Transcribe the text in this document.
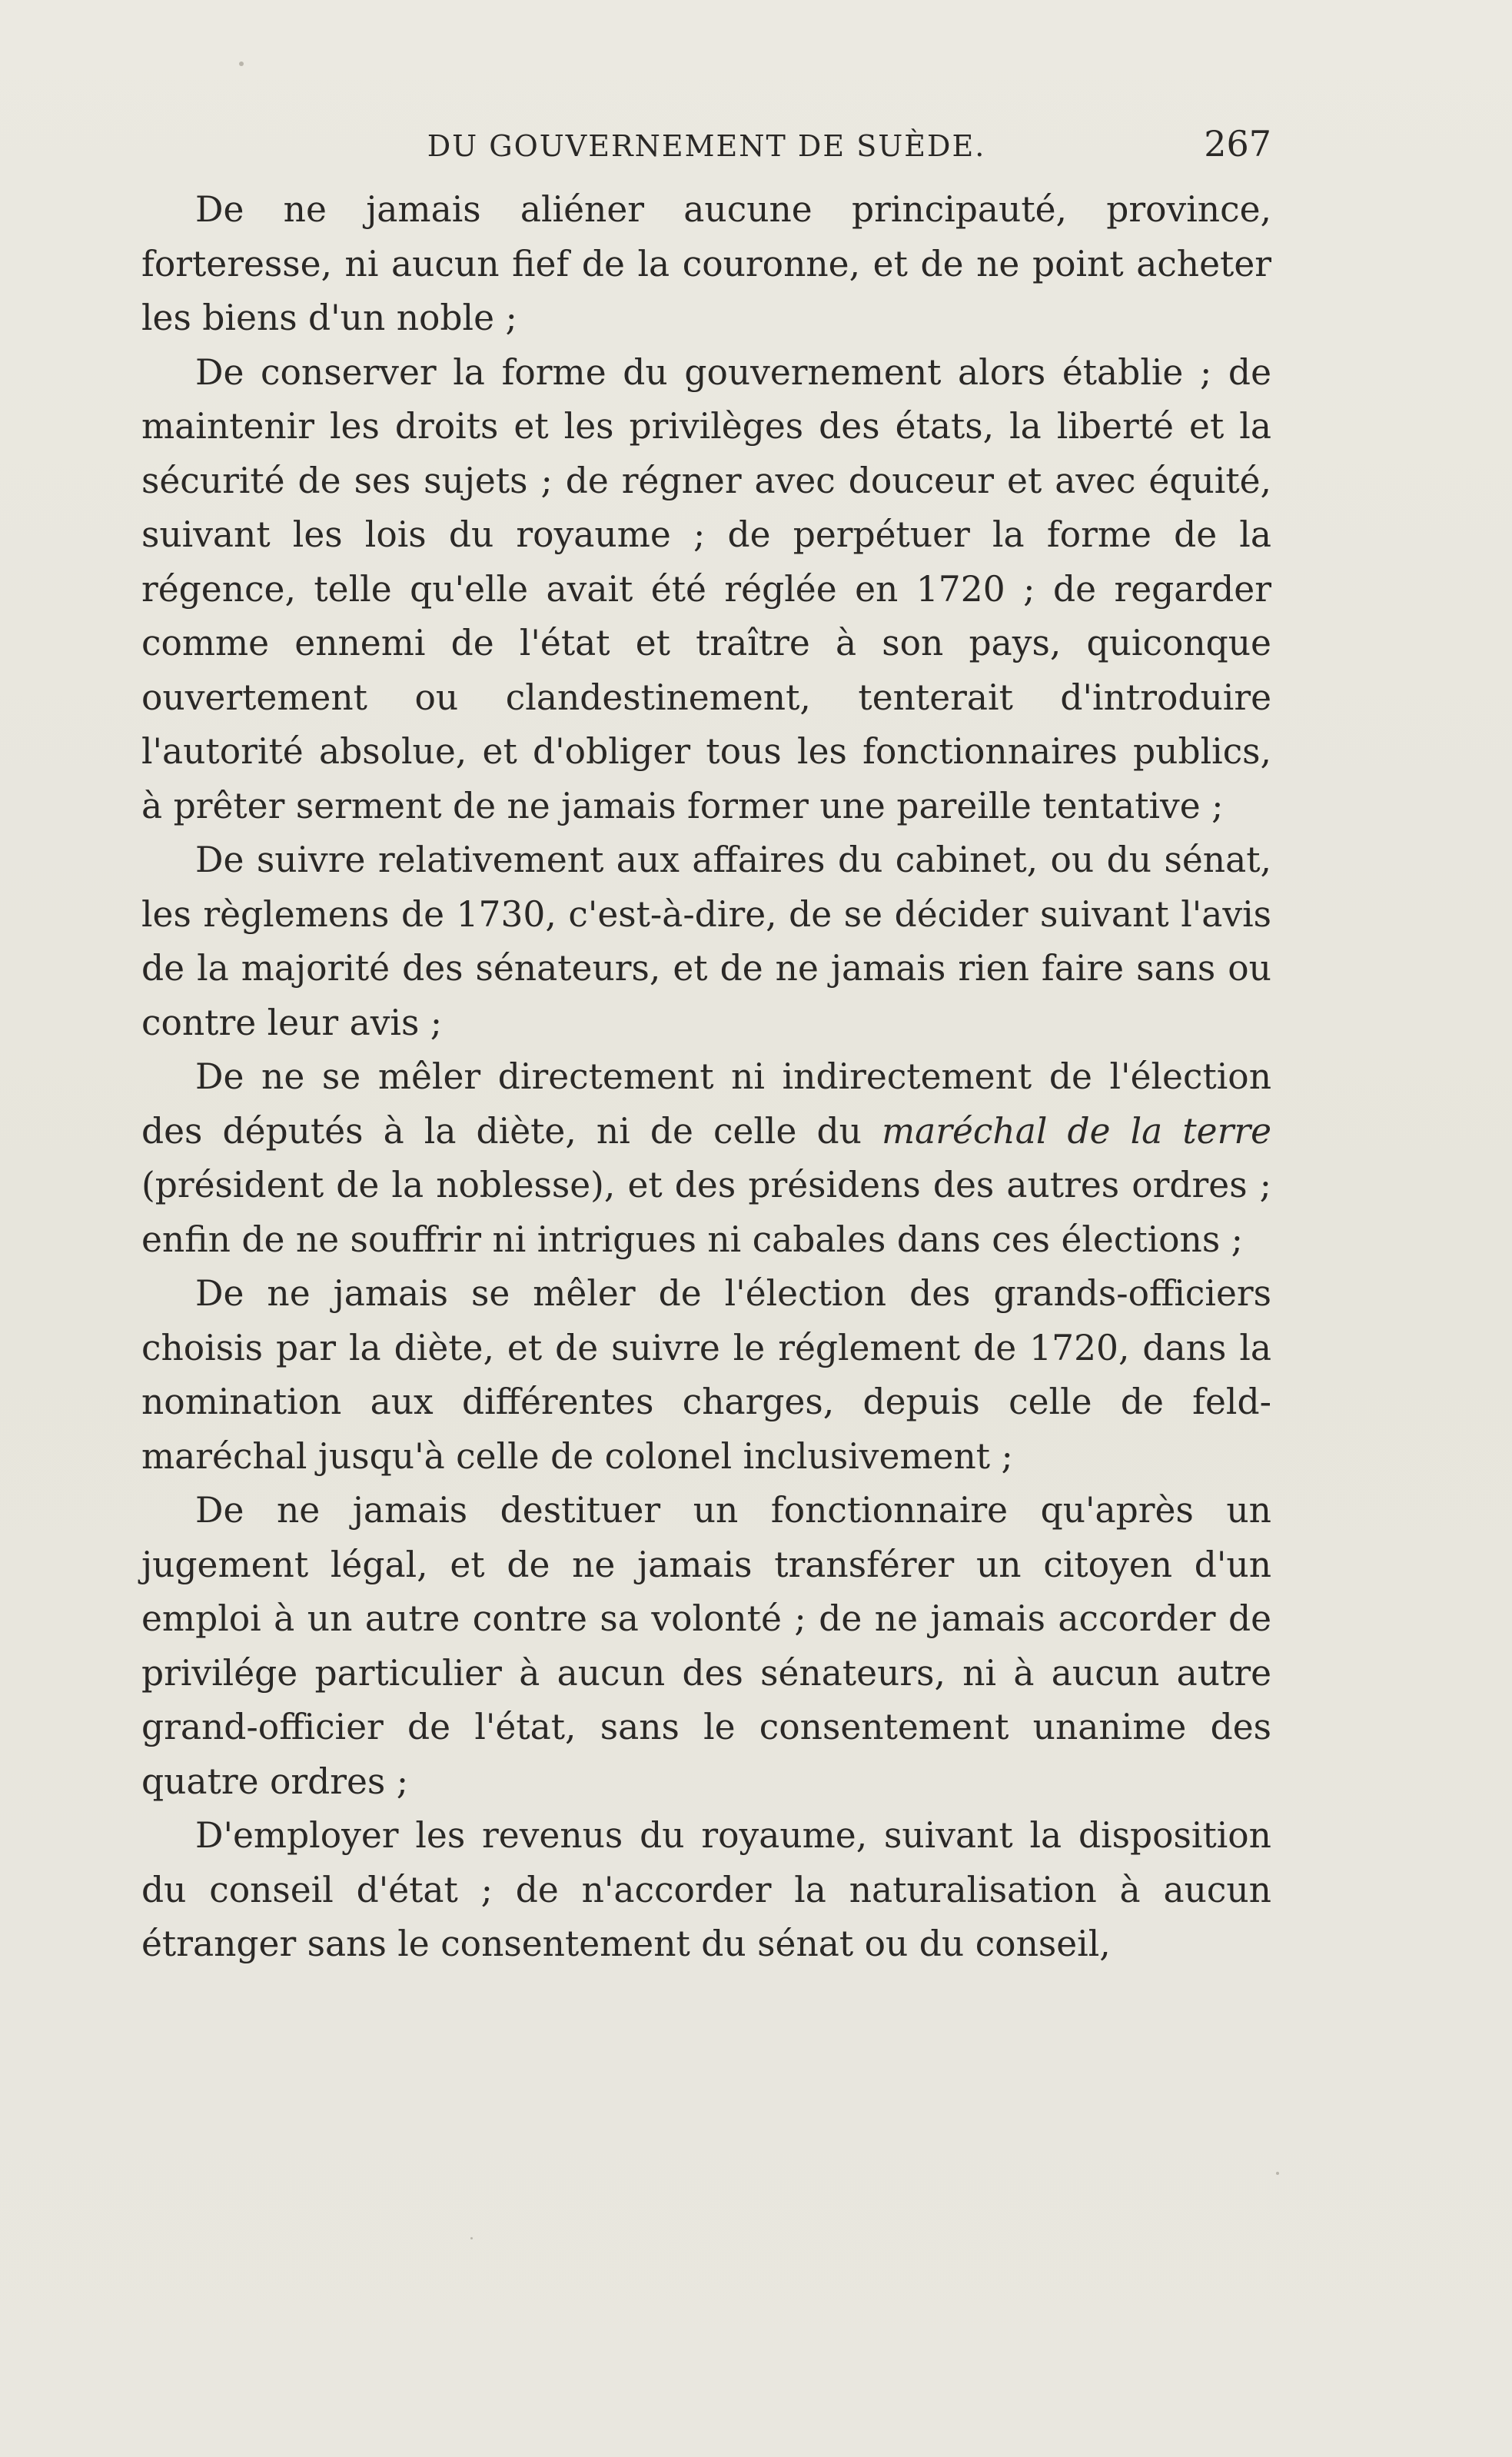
DU GOUVERNEMENT DE SUÈDE.	267

De ne jamais aliéner aucune principauté, province, forteresse, ni aucun fief de la couronne, et de ne point acheter les biens d'un noble ;

De conserver la forme du gouvernement alors établie ; de maintenir les droits et les privilèges des états, la liberté et la sécurité de ses sujets ; de régner avec douceur et avec équité, suivant les lois du royaume ; de perpétuer la forme de la régence, telle qu'elle avait été réglée en 1720 ; de regarder comme ennemi de l'état et traître à son pays, quiconque ouvertement ou clandestinement, tenterait d'introduire l'autorité absolue, et d'obliger tous les fonctionnaires publics, à prêter serment de ne jamais former une pareille tentative ;

De suivre relativement aux affaires du cabinet, ou du sénat, les règlemens de 1730, c'est-à-dire, de se décider suivant l'avis de la majorité des sénateurs, et de ne jamais rien faire sans ou contre leur avis ;

De ne se mêler directement ni indirectement de l'élection des députés à la diète, ni de celle du maréchal de la terre (président de la noblesse), et des présidens des autres ordres ; enfin de ne souffrir ni intrigues ni cabales dans ces élections ;

De ne jamais se mêler de l'élection des grands-officiers choisis par la diète, et de suivre le réglement de 1720, dans la nomination aux différentes charges, depuis celle de feld-maréchal jusqu'à celle de colonel inclusivement ;

De ne jamais destituer un fonctionnaire qu'après un jugement légal, et de ne jamais transférer un citoyen d'un emploi à un autre contre sa volonté ; de ne jamais accorder de privilége particulier à aucun des sénateurs, ni à aucun autre grand-officier de l'état, sans le consentement unanime des quatre ordres ;

D'employer les revenus du royaume, suivant la disposition du conseil d'état ; de n'accorder la naturalisation à aucun étranger sans le consentement du sénat ou du conseil,
